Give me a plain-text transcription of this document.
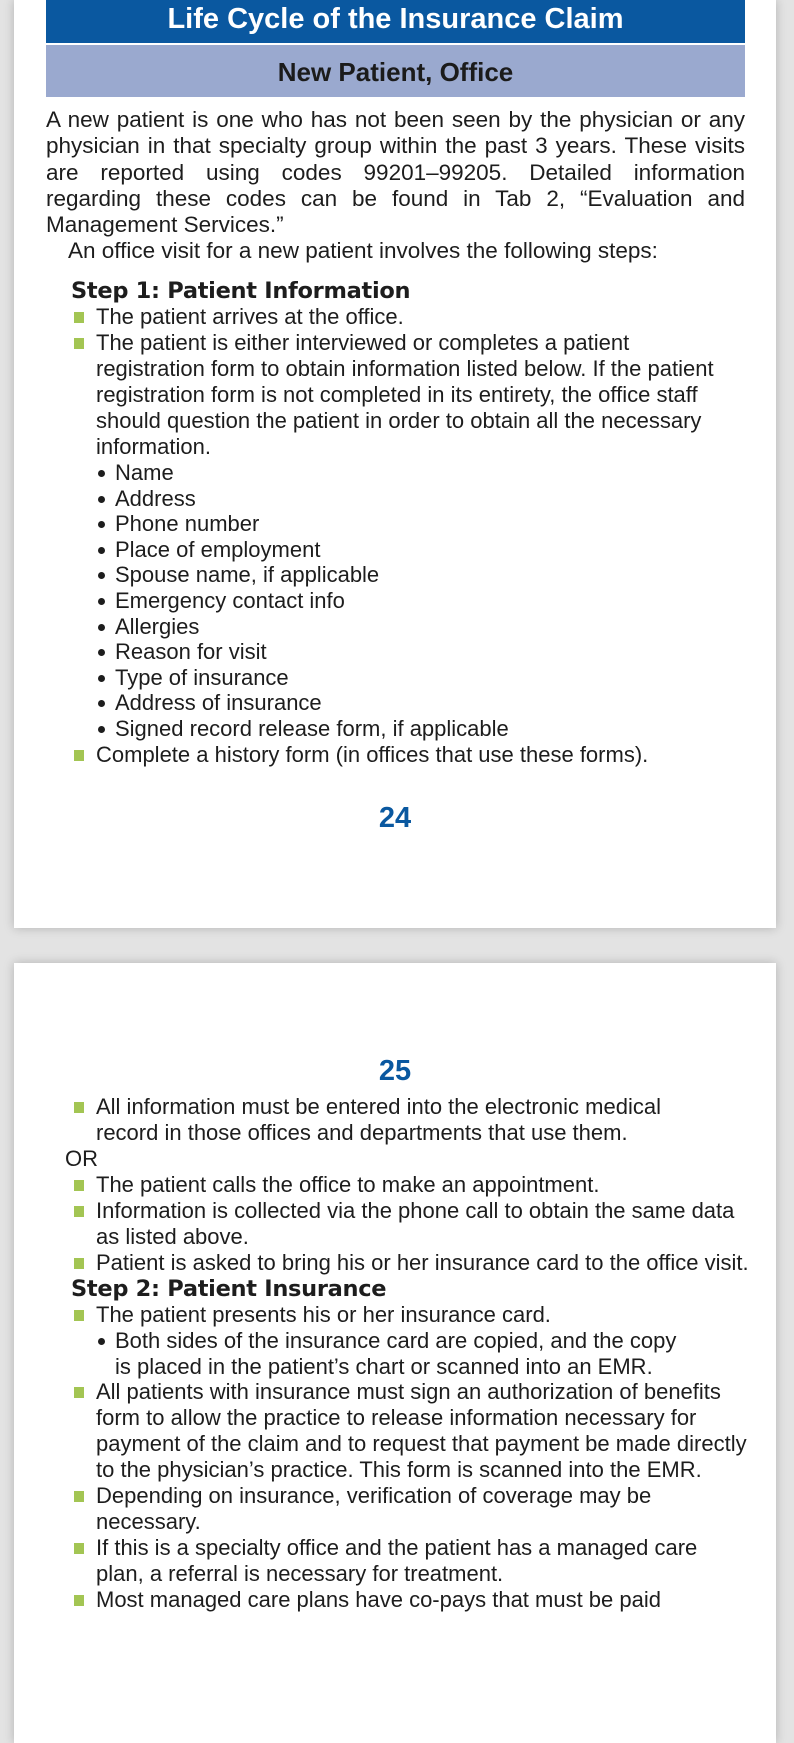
Life Cycle of the Insurance Claim
New Patient, Office

A new patient is one who has not been seen by the physician or any physician in that specialty group within the past 3 years. These visits are reported using codes 99201–99205. Detailed information regarding these codes can be found in Tab 2, “Evaluation and Management Services.”

An office visit for a new patient involves the following steps:

Step 1: Patient Information

The patient arrives at the office.

The patient is either interviewed or completes a patient registration form to obtain information listed below. If the patient registration form is not completed in its entirety, the office staff should question the patient in order to obtain all the necessary information.

Name

Address

Phone number

Place of employment

Spouse name, if applicable

Emergency contact info

Allergies

Reason for visit

Type of insurance

Address of insurance

Signed record release form, if applicable

Complete a history form (in offices that use these forms).

24
25

All information must be entered into the electronic medical record in those offices and departments that use them.

OR

The patient calls the office to make an appointment.

Information is collected via the phone call to obtain the same data as listed above.

Patient is asked to bring his or her insurance card to the office visit.

Step 2: Patient Insurance

The patient presents his or her insurance card.

Both sides of the insurance card are copied, and the copy is placed in the patient’s chart or scanned into an EMR.

All patients with insurance must sign an authorization of benefits form to allow the practice to release information necessary for payment of the claim and to request that payment be made directly to the physician’s practice. This form is scanned into the EMR.

Depending on insurance, verification of coverage may be necessary.

If this is a specialty office and the patient has a managed care plan, a referral is necessary for treatment.

Most managed care plans have co-pays that must be paid
